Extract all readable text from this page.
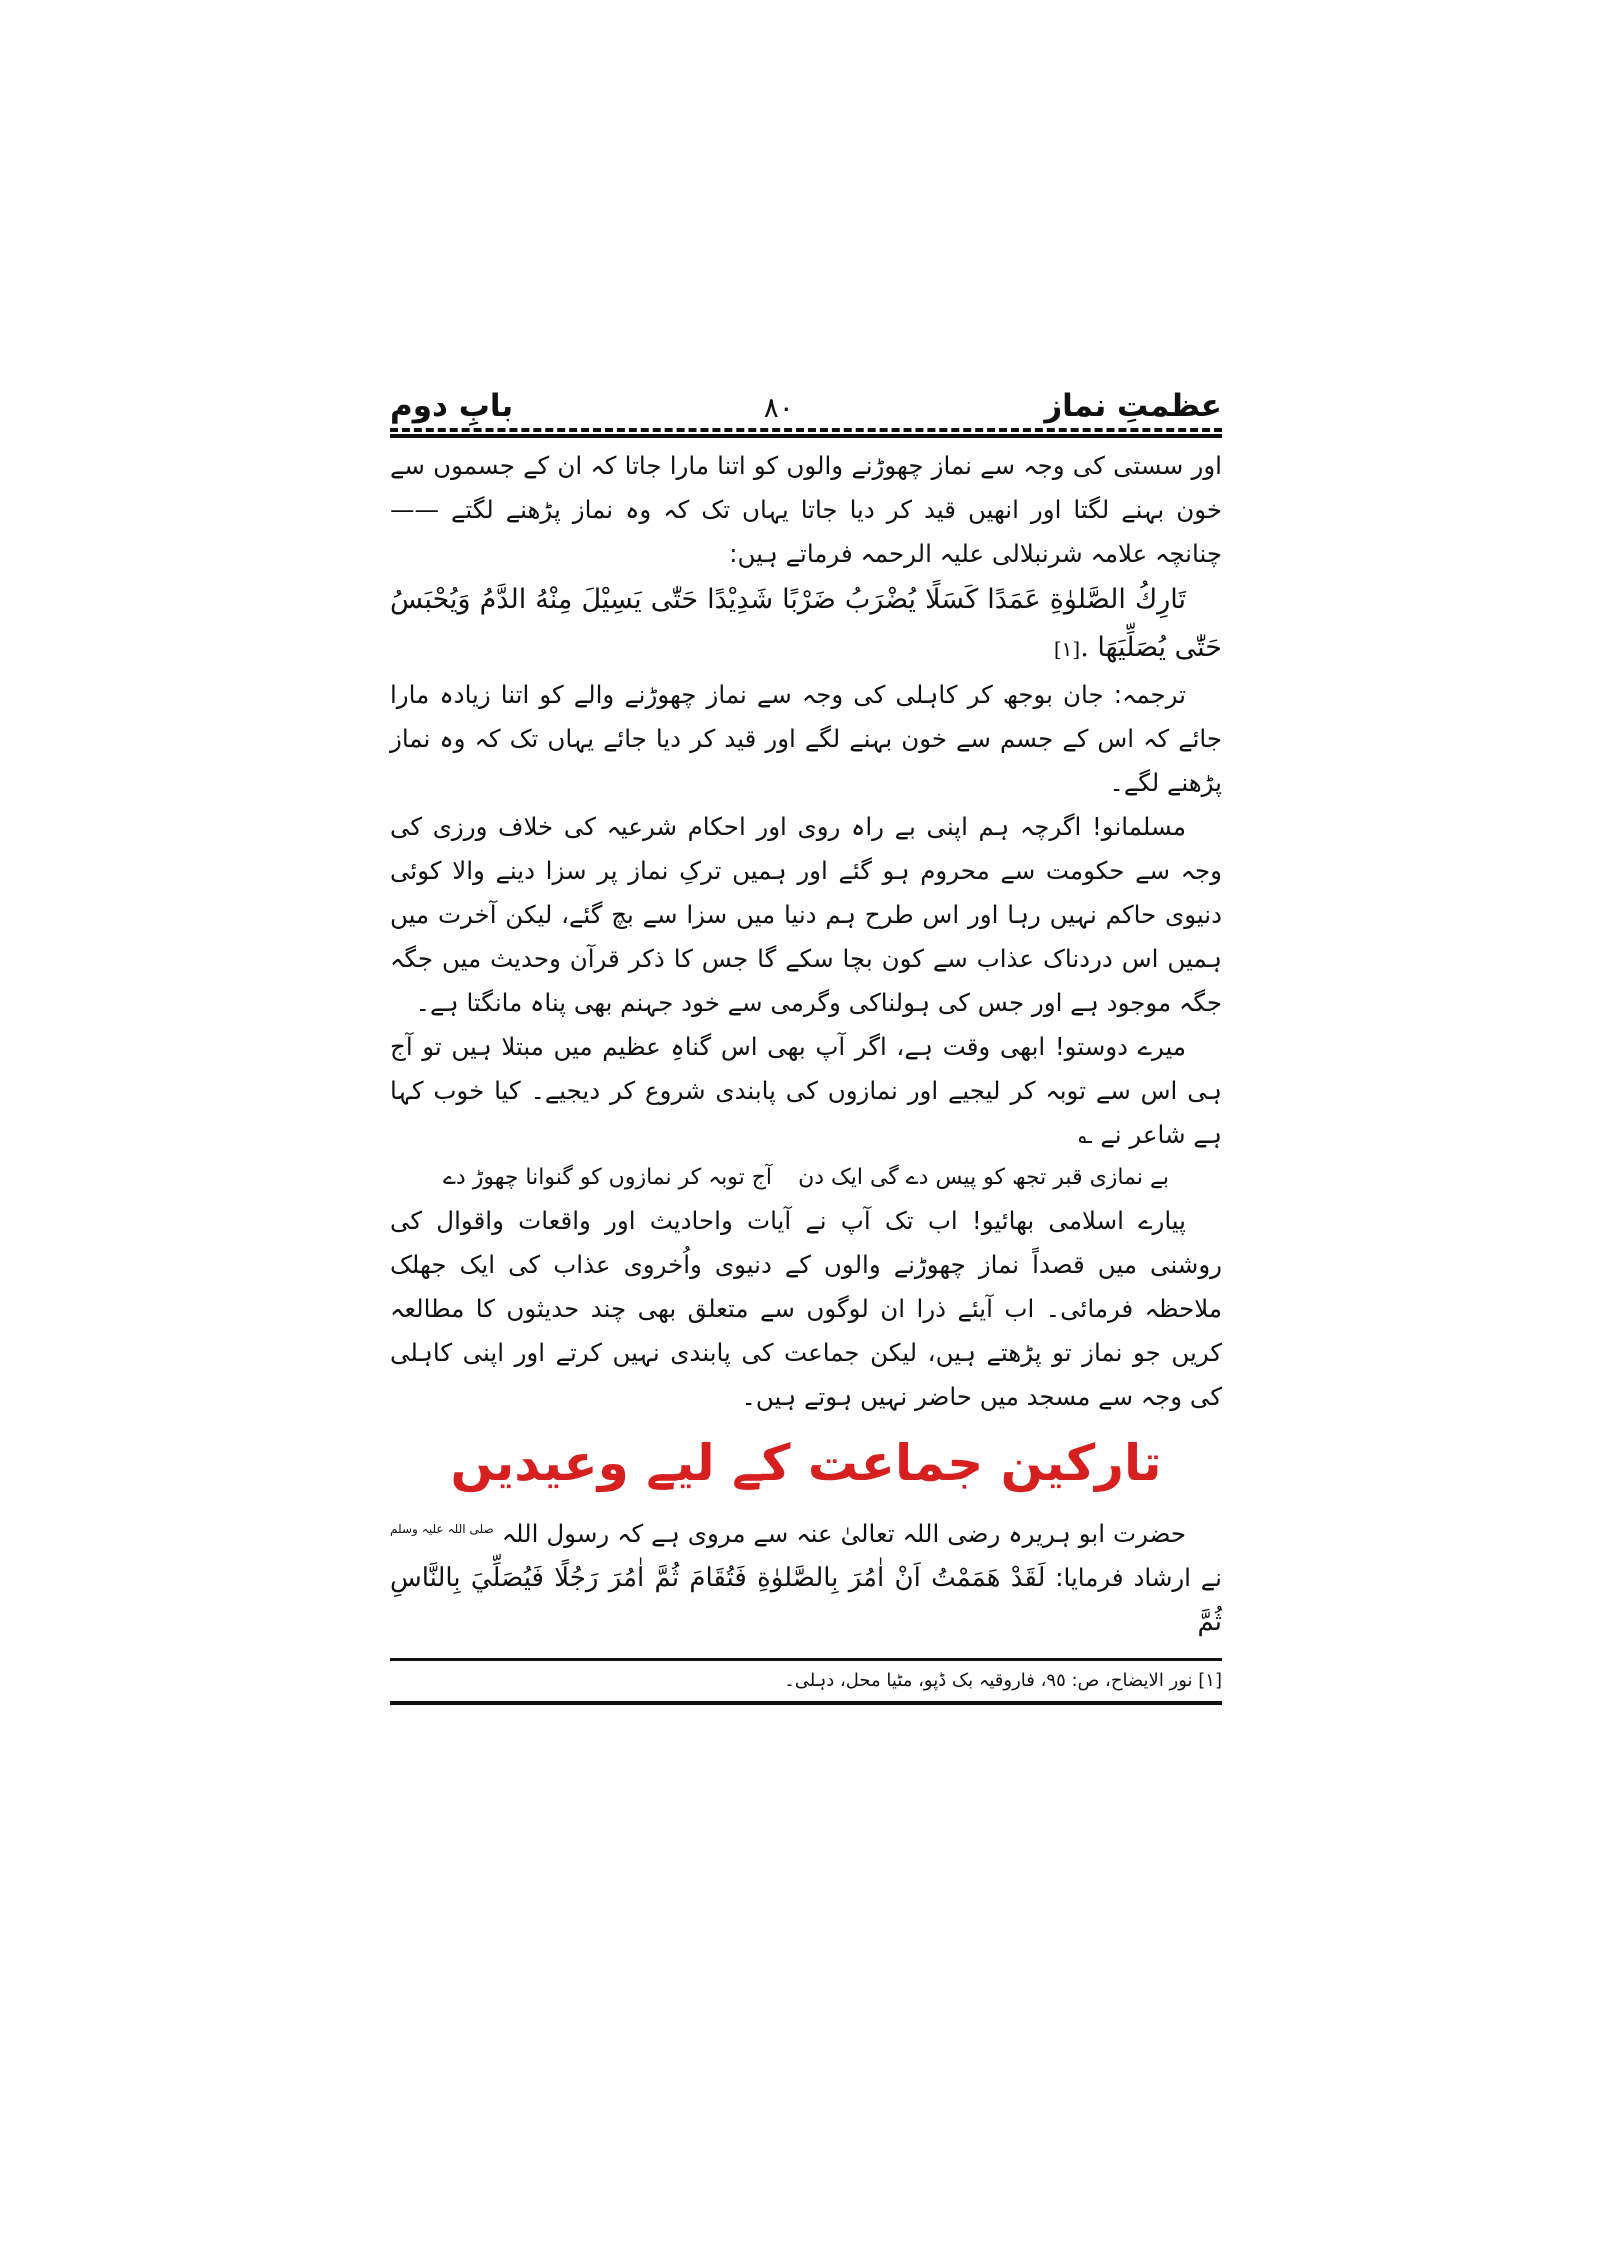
عظمتِ نماز
٨٠
بابِ دوم

اور سستی کی وجہ سے نماز چھوڑنے والوں کو اتنا مارا جاتا کہ ان کے جسموں سے خون بہنے لگتا اور انھیں قید کر دیا جاتا یہاں تک کہ وہ نماز پڑھنے لگتے —— چنانچہ علامہ شرنبلالی علیہ الرحمہ فرماتے ہیں:

تَارِكُ الصَّلوٰةِ عَمَدًا كَسَلًا يُضْرَبُ ضَرْبًا شَدِيْدًا حَتّٰى يَسِيْلَ مِنْهُ الدَّمُ وَيُحْبَسُ حَتّٰى يُصَلِّيَهَا .[١]

ترجمہ: جان بوجھ کر کاہلی کی وجہ سے نماز چھوڑنے والے کو اتنا زیادہ مارا جائے کہ اس کے جسم سے خون بہنے لگے اور قید کر دیا جائے یہاں تک کہ وہ نماز پڑھنے لگے۔

مسلمانو! اگرچہ ہم اپنی بے راہ روی اور احکام شرعیہ کی خلاف ورزی کی وجہ سے حکومت سے محروم ہو گئے اور ہمیں ترکِ نماز پر سزا دینے والا کوئی دنیوی حاکم نہیں رہا اور اس طرح ہم دنیا میں سزا سے بچ گئے، لیکن آخرت میں ہمیں اس دردناک عذاب سے کون بچا سکے گا جس کا ذکر قرآن وحدیث میں جگہ جگہ موجود ہے اور جس کی ہولناکی وگرمی سے خود جہنم بھی پناہ مانگتا ہے۔

میرے دوستو! ابھی وقت ہے، اگر آپ بھی اس گناہِ عظیم میں مبتلا ہیں تو آج ہی اس سے توبہ کر لیجیے اور نمازوں کی پابندی شروع کر دیجیے۔ کیا خوب کہا ہے شاعر نے ؎

بے نمازی قبر تجھ کو پیس دے گی ایک دن
آج توبہ کر نمازوں کو گنوانا چھوڑ دے

پیارے اسلامی بھائیو! اب تک آپ نے آیات واحادیث اور واقعات واقوال کی روشنی میں قصداً نماز چھوڑنے والوں کے دنیوی واُخروی عذاب کی ایک جھلک ملاحظہ فرمائی۔ اب آیئے ذرا ان لوگوں سے متعلق بھی چند حدیثوں کا مطالعہ کریں جو نماز تو پڑھتے ہیں، لیکن جماعت کی پابندی نہیں کرتے اور اپنی کاہلی کی وجہ سے مسجد میں حاضر نہیں ہوتے ہیں۔

تارکین جماعت کے لیے وعیدیں

حضرت ابو ہریرہ رضی اللہ تعالیٰ عنہ سے مروی ہے کہ رسول اللہ $^{صلی اللہ علیہ وسلم}$ نے ارشاد فرمایا: لَقَدْ هَمَمْتُ اَنْ اٰمُرَ بِالصَّلوٰةِ فَتُقَامَ ثُمَّ اٰمُرَ رَجُلًا فَيُصَلِّيَ بِالنَّاسِ ثُمَّ

[١] نور الایضاح، ص: ٩٥، فاروقیہ بک ڈپو، مٹیا محل، دہلی۔
